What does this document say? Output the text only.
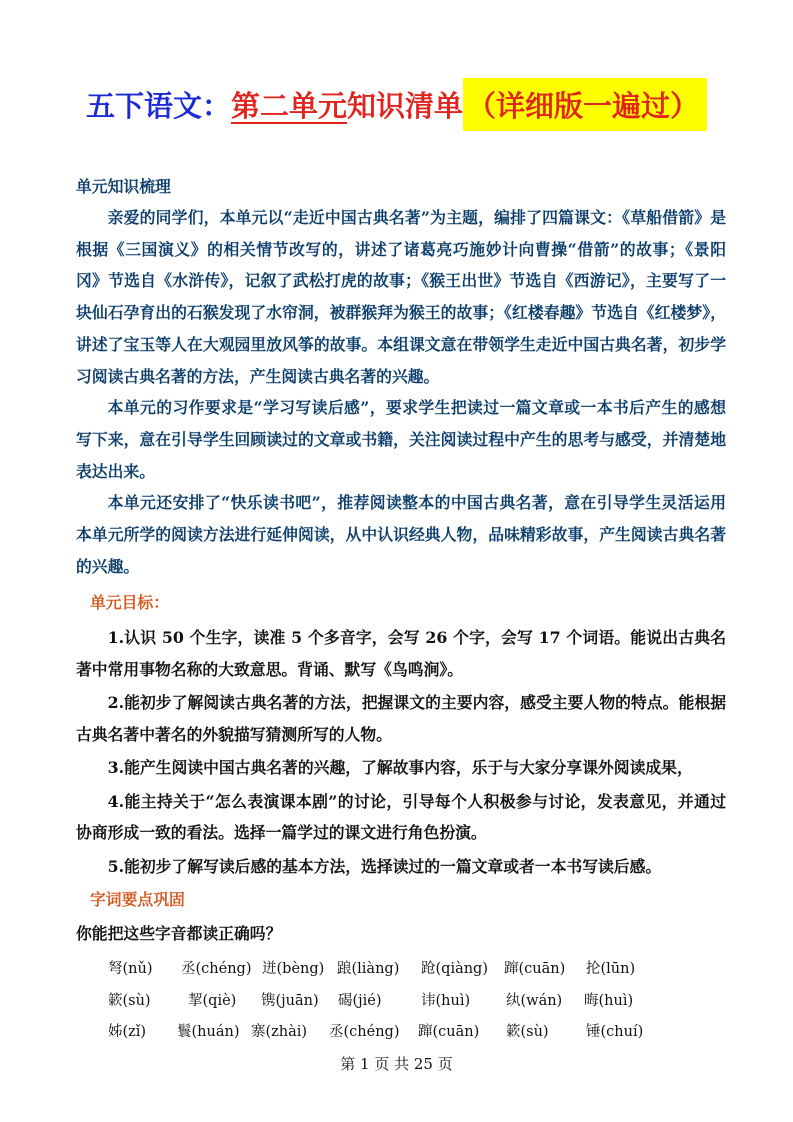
五下语文： 第二单元 知识清单 （详细版一遍过）
单元知识梳理

亲爱的同学们，本单元以“走近中国古典名著”为主题，编排了四篇课文：《草船借箭》是根据《三国演义》的相关情节改写的，讲述了诸葛亮巧施妙计向曹操“借箭”的故事；《景阳冈》节选自《水浒传》，记叙了武松打虎的故事；《猴王出世》节选自《西游记》，主要写了一块仙石孕育出的石猴发现了水帘洞，被群猴拜为猴王的故事；《红楼春趣》节选自《红楼梦》，讲述了宝玉等人在大观园里放风筝的故事。本组课文意在带领学生走近中国古典名著，初步学习阅读古典名著的方法，产生阅读古典名著的兴趣。

本单元的习作要求是“学习写读后感”，要求学生把读过一篇文章或一本书后产生的感想写下来，意在引导学生回顾读过的文章或书籍，关注阅读过程中产生的思考与感受，并清楚地表达出来。

本单元还安排了“快乐读书吧”，推荐阅读整本的中国古典名著，意在引导学生灵活运用本单元所学的阅读方法进行延伸阅读，从中认识经典人物，品味精彩故事，产生阅读古典名著的兴趣。

单元目标：

1.认识 50 个生字，读准 5 个多音字，会写 26 个字，会写 17 个词语。能说出古典名著中常用事物名称的大致意思。背诵、默写《鸟鸣涧》。

2.能初步了解阅读古典名著的方法，把握课文的主要内容，感受主要人物的特点。能根据古典名著中著名的外貌描写猜测所写的人物。

3.能产生阅读中国古典名著的兴趣，了解故事内容，乐于与大家分享课外阅读成果，

4.能主持关于“怎么表演课本剧”的讨论，引导每个人积极参与讨论，发表意见，并通过协商形成一致的看法。选择一篇学过的课文进行角色扮演。

5.能初步了解写读后感的基本方法，选择读过的一篇文章或者一本书写读后感。

字词要点巩固
你能把这些字音都读正确吗？
弩(nǔ) 丞(chéng) 迸(bèng) 踉(liàng) 跄(qiàng) 蹿(cuān) 抡(lūn)
簌(sù)	挈(qiè) 镌(juān) 碣(jié)	讳(huì) 纨(wán) 晦(huì)
姊(zǐ) 鬟(huán) 寨(zhài) 丞(chéng) 蹿(cuān) 簌(sù)	锤(chuí)
第 1 页 共 25 页
